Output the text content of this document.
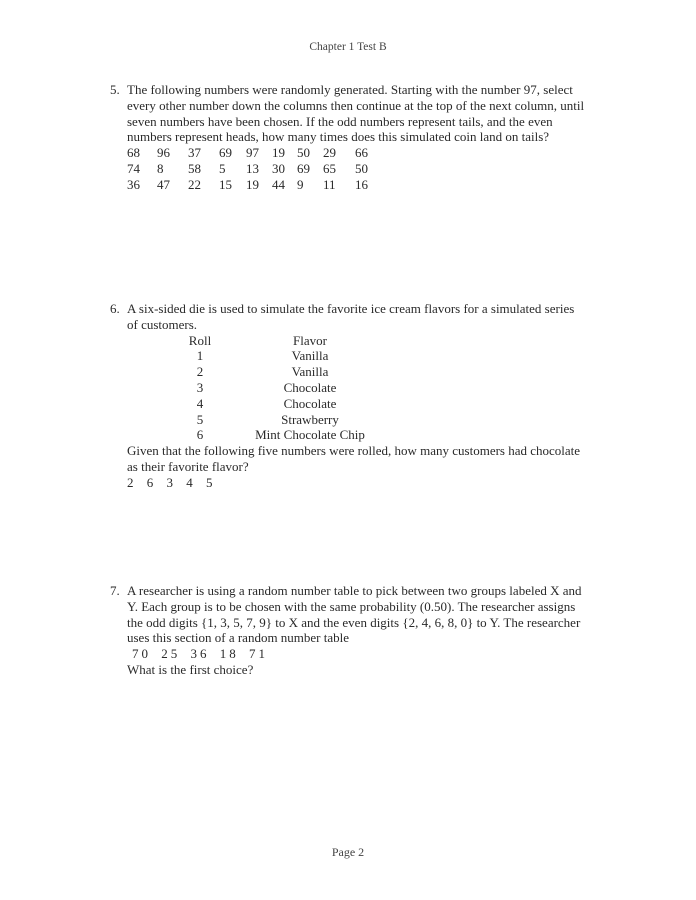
Chapter 1 Test B
5. The following numbers were randomly generated. Starting with the number 97, select
every other number down the columns then continue at the top of the next column, until
seven numbers have been chosen. If the odd numbers represent tails, and the even
numbers represent heads, how many times does this simulated coin land on tails?
68	96	37	69	97	19	50	29	66
74	8	58	5	13	30	69	65	50
36	47	22	15	19	44	9	11	16
6. A six-sided die is used to simulate the favorite ice cream flavors for a simulated series
of customers.
Roll		Flavor
1		Vanilla
2		Vanilla
3		Chocolate
4		Chocolate
5		Strawberry
6		Mint Chocolate Chip
Given that the following five numbers were rolled, how many customers had chocolate
as their favorite flavor?
2 6 3 4 5
7. A researcher is using a random number table to pick between two groups labeled X and
Y. Each group is to be chosen with the same probability (0.50). The researcher assigns
the odd digits {1, 3, 5, 7, 9} to X and the even digits {2, 4, 6, 8, 0} to Y. The researcher
uses this section of a random number table
70 25 36 18 71
What is the first choice?
Page 2
